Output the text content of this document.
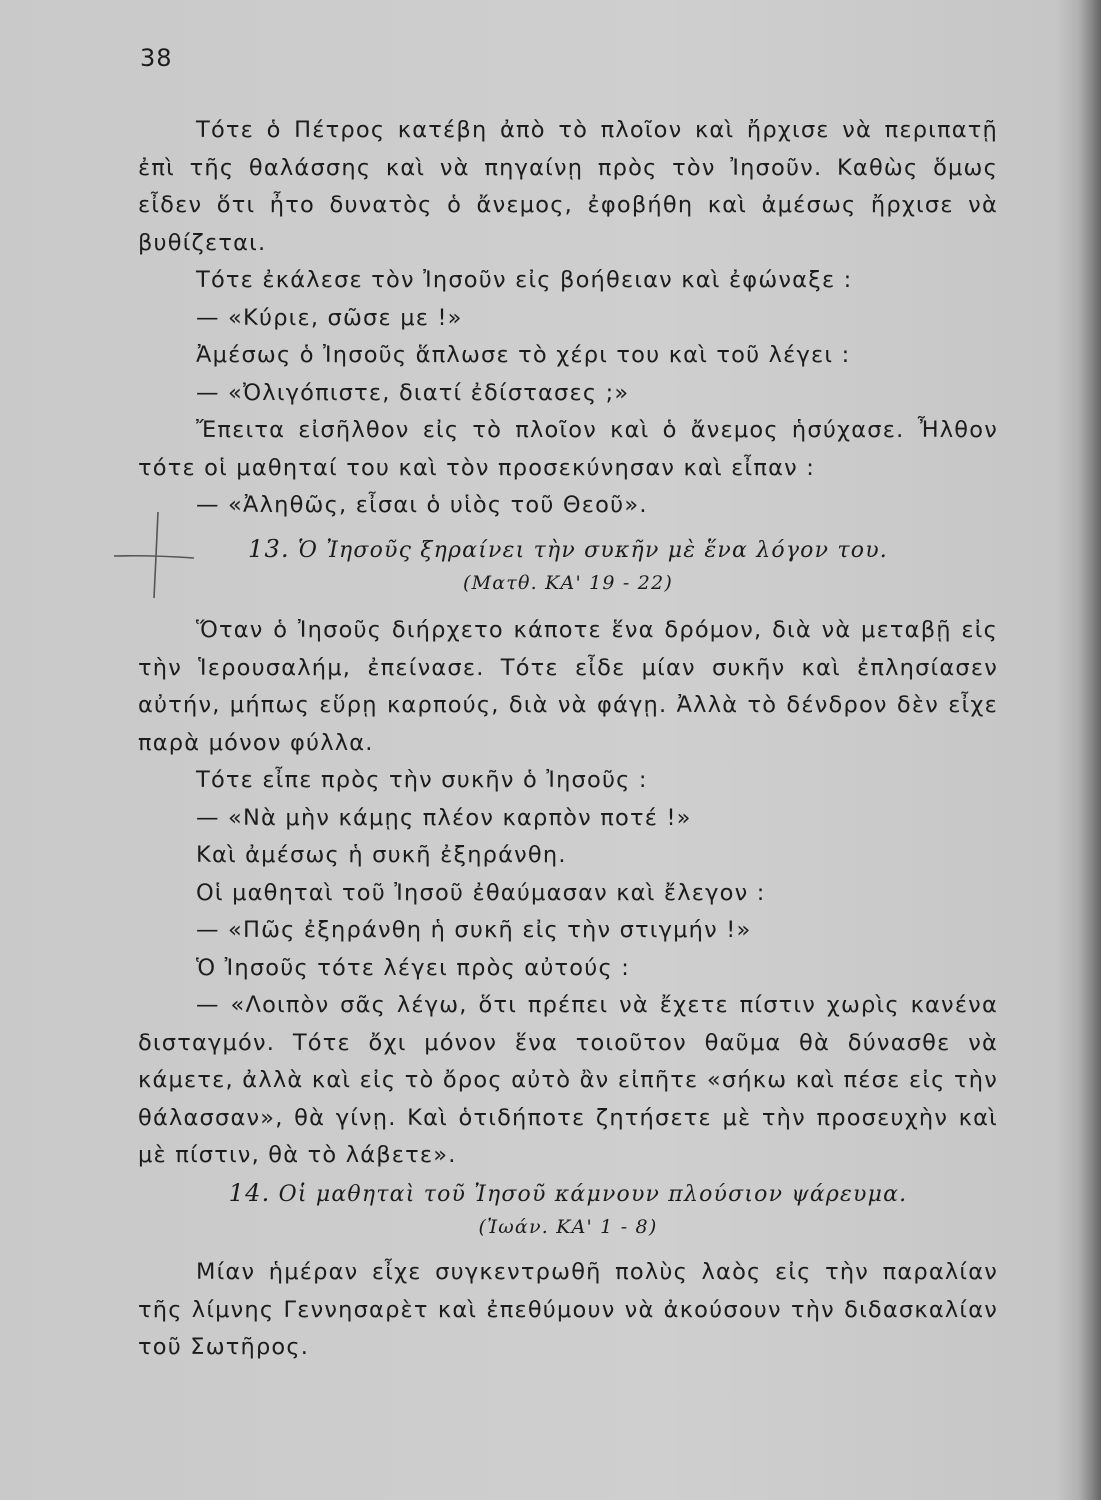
38

Τότε ὁ Πέτρος κατέβη ἀπὸ τὸ πλοῖον καὶ ἤρχισε νὰ περιπατῇ ἐπὶ τῆς θαλάσσης καὶ νὰ πηγαίνῃ πρὸς τὸν Ἰησοῦν. Καθὼς ὅμως εἶδεν ὅτι ἦτο δυνατὸς ὁ ἄνεμος, ἐφοβήθη καὶ ἀμέσως ἤρχισε νὰ βυθίζεται.

Τότε ἐκάλεσε τὸν Ἰησοῦν εἰς βοήθειαν καὶ ἐφώναξε :

— «Κύριε, σῶσε με !»

Ἀμέσως ὁ Ἰησοῦς ἅπλωσε τὸ χέρι του καὶ τοῦ λέγει :

— «Ὀλιγόπιστε, διατί ἐδίστασες ;»

Ἔπειτα εἰσῆλθον εἰς τὸ πλοῖον καὶ ὁ ἄνεμος ἡσύχασε. Ἦλθον τότε οἱ μαθηταί του καὶ τὸν προσεκύνησαν καὶ εἶπαν :

— «Ἀληθῶς, εἶσαι ὁ υἱὸς τοῦ Θεοῦ».

13. Ὁ Ἰησοῦς ξηραίνει τὴν συκῆν μὲ ἕνα λόγον του.
(Ματθ. ΚΑ' 19 - 22)

Ὅταν ὁ Ἰησοῦς διήρχετο κάποτε ἕνα δρόμον, διὰ νὰ μεταβῇ εἰς τὴν Ἱερουσαλήμ, ἐπείνασε. Τότε εἶδε μίαν συκῆν καὶ ἐπλησίασεν αὐτήν, μήπως εὕρῃ καρπούς, διὰ νὰ φάγῃ. Ἀλλὰ τὸ δένδρον δὲν εἶχε παρὰ μόνον φύλλα.

Τότε εἶπε πρὸς τὴν συκῆν ὁ Ἰησοῦς :

— «Νὰ μὴν κάμῃς πλέον καρπὸν ποτέ !»

Καὶ ἀμέσως ἡ συκῆ ἐξηράνθη.

Οἱ μαθηταὶ τοῦ Ἰησοῦ ἐθαύμασαν καὶ ἔλεγον :

— «Πῶς ἐξηράνθη ἡ συκῆ εἰς τὴν στιγμήν !»

Ὁ Ἰησοῦς τότε λέγει πρὸς αὐτούς :

— «Λοιπὸν σᾶς λέγω, ὅτι πρέπει νὰ ἔχετε πίστιν χωρὶς κανένα δισταγμόν. Τότε ὄχι μόνον ἕνα τοιοῦτον θαῦμα θὰ δύνασθε νὰ κάμετε, ἀλλὰ καὶ εἰς τὸ ὄρος αὐτὸ ἂν εἰπῆτε «σήκω καὶ πέσε εἰς τὴν θάλασσαν», θὰ γίνῃ. Καὶ ὁτιδήποτε ζητήσετε μὲ τὴν προσευχὴν καὶ μὲ πίστιν, θὰ τὸ λάβετε».

14. Οἱ μαθηταὶ τοῦ Ἰησοῦ κάμνουν πλούσιον ψάρευμα.
(Ἰωάν. ΚΑ' 1 - 8)

Μίαν ἡμέραν εἶχε συγκεντρωθῆ πολὺς λαὸς εἰς τὴν παραλίαν τῆς λίμνης Γεννησαρὲτ καὶ ἐπεθύμουν νὰ ἀκούσουν τὴν διδασκαλίαν τοῦ Σωτῆρος.
